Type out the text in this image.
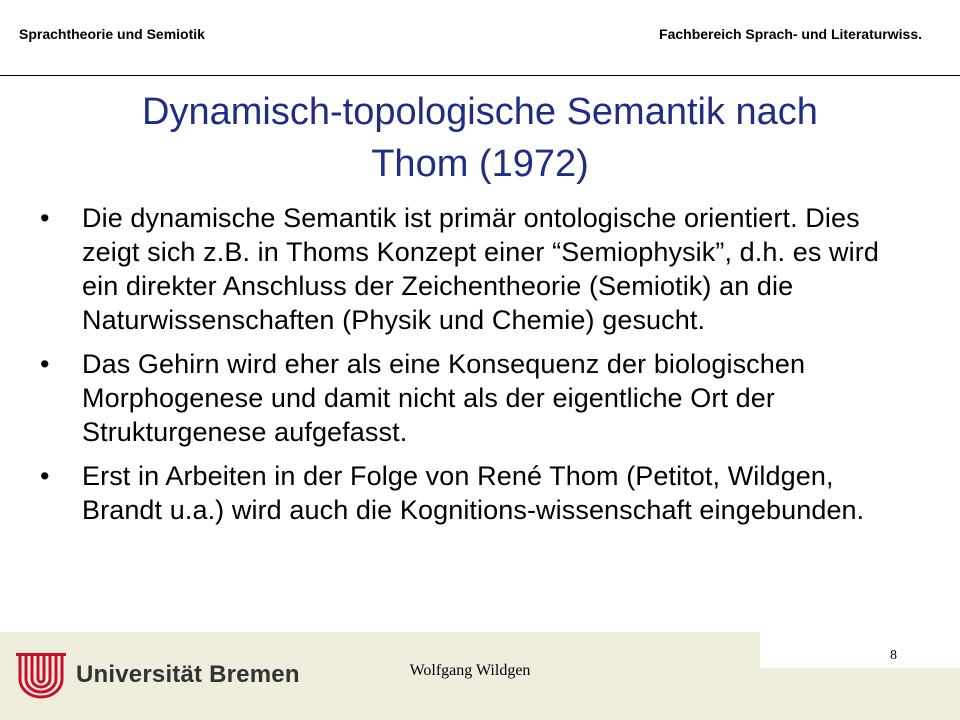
Sprachtheorie und Semiotik	Fachbereich Sprach- und Literaturwiss.
Dynamisch-topologische Semantik nach
Thom (1972)
•	Die dynamische Semantik ist primär ontologische orientiert. Dies zeigt sich z.B. in Thoms Konzept einer “Semiophysik”, d.h. es wird ein direkter Anschluss der Zeichentheorie (Semiotik) an die Naturwissenschaften (Physik und Chemie) gesucht.
•	Das Gehirn wird eher als eine Konsequenz der biologischen Morphogenese und damit nicht als der eigentliche Ort der Strukturgenese aufgefasst.
•	Erst in Arbeiten in der Folge von René Thom (Petitot, Wildgen, Brandt u.a.) wird auch die Kognitions-wissenschaft eingebunden.
Universität Bremen	Wolfgang Wildgen
8
